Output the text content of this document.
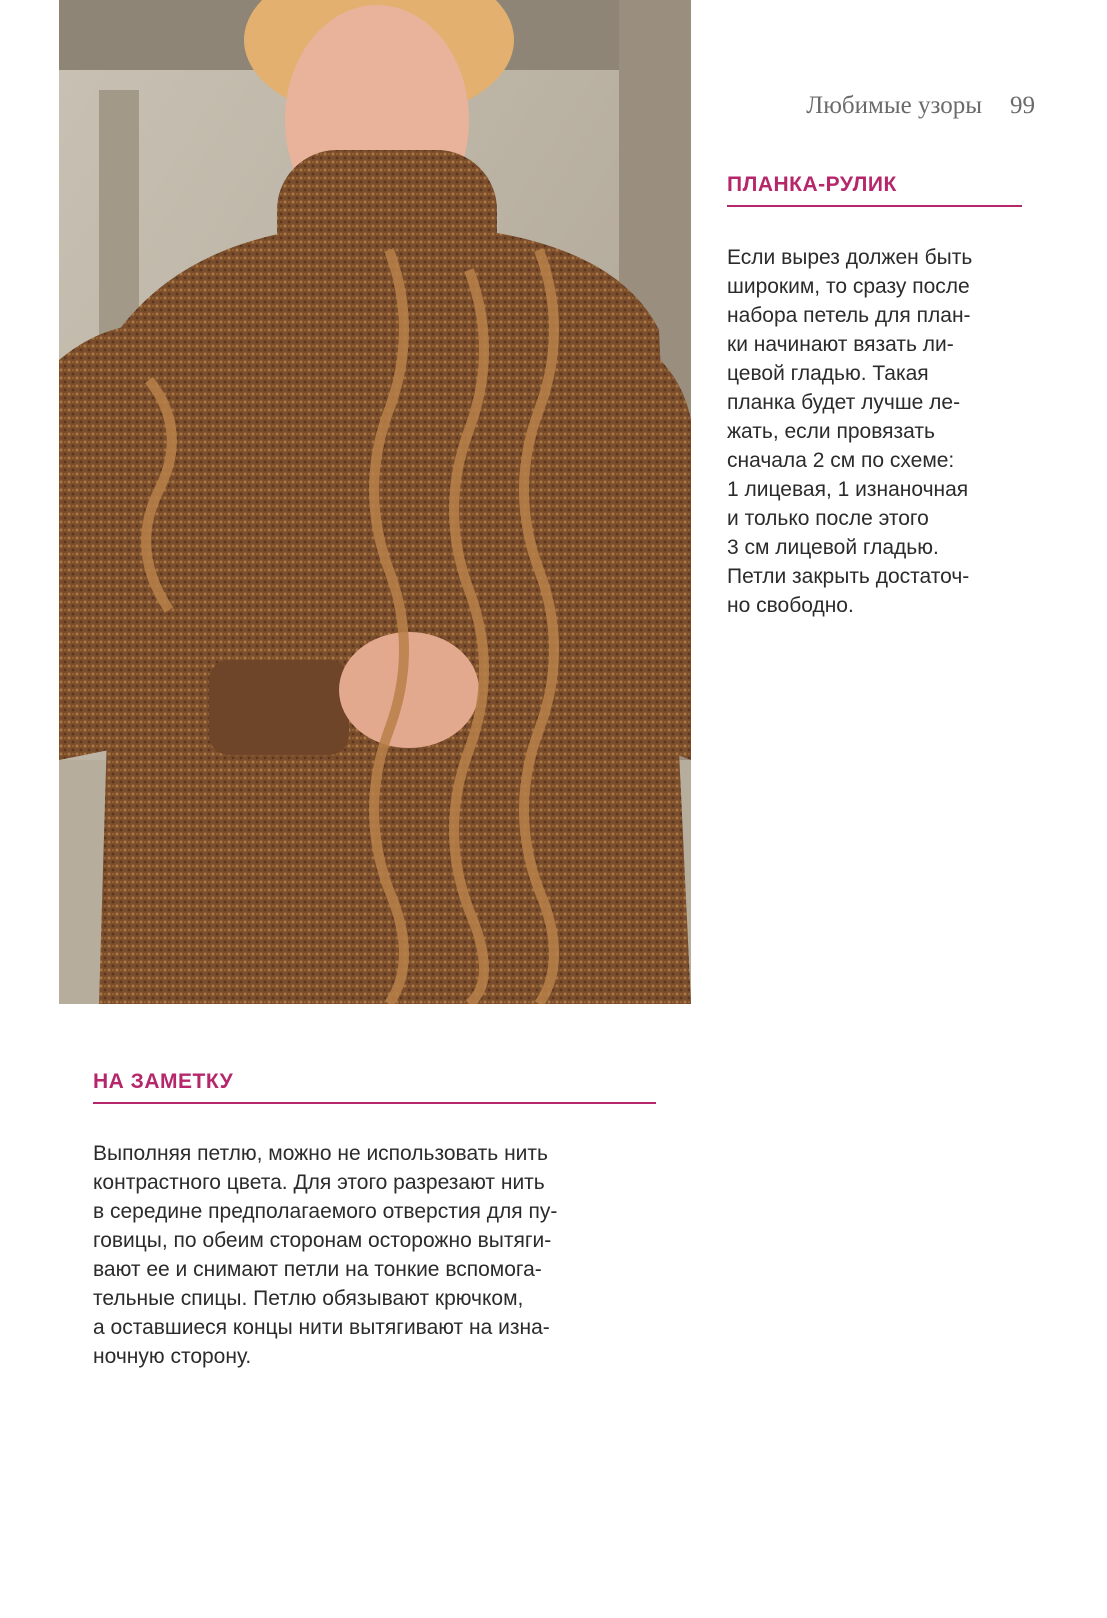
Любимые узоры 99
ПЛАНКА-РУЛИК

Если вырез должен быть
широким, то сразу после
набора петель для план-
ки начинают вязать ли-
цевой гладью. Такая
планка будет лучше ле-
жать, если провязать
сначала 2 см по схеме:
1 лицевая, 1 изнаночная
и только после этого
3 см лицевой гладью.
Петли закрыть достаточ-
но свободно.

НА ЗАМЕТКУ

Выполняя петлю, можно не использовать нить
контрастного цвета. Для этого разрезают нить
в середине предполагаемого отверстия для пу-
говицы, по обеим сторонам осторожно вытяги-
вают ее и снимают петли на тонкие вспомога-
тельные спицы. Петлю обязывают крючком,
а оставшиеся концы нити вытягивают на изна-
ночную сторону.
